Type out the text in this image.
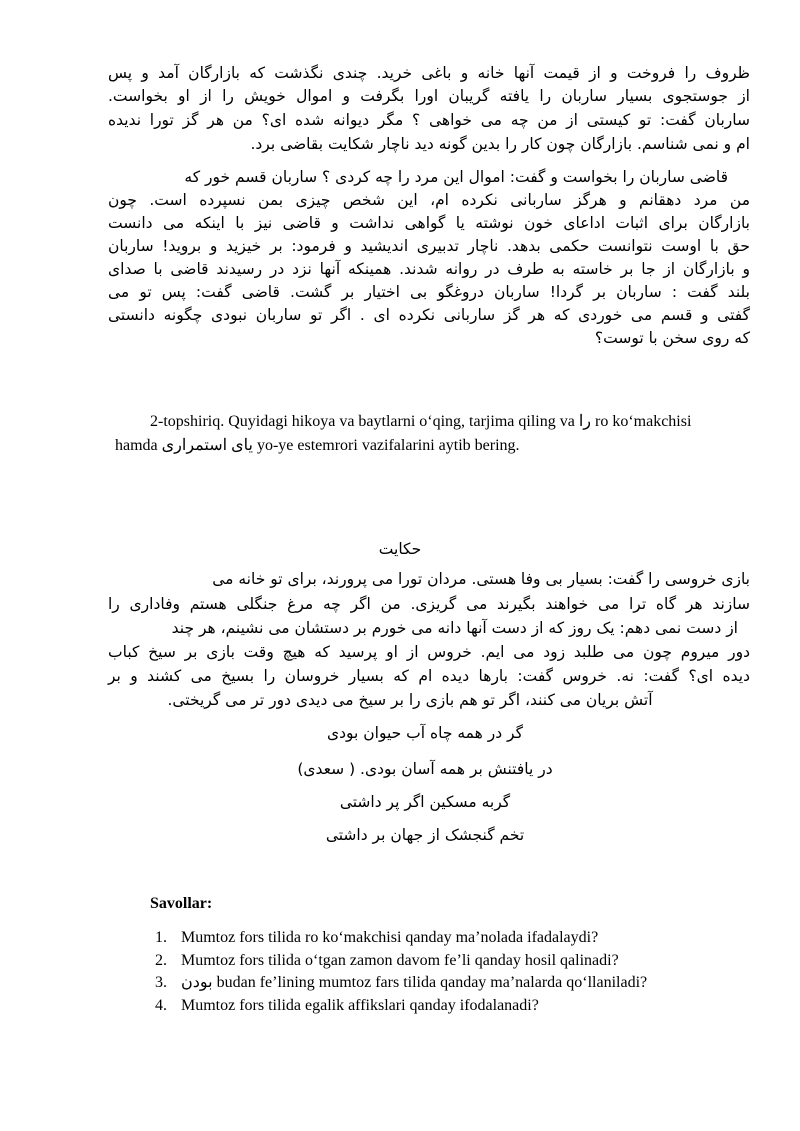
ظروف را فروخت و از قیمت آنها خانه و باغی خرید. چندی نگذشت که بازارگان آمد و پس
از جوستجوی بسیار ساربان را یافته گریبان اورا بگرفت و اموال خویش را از او بخواست.
ساربان گفت: تو کیستی از من چه می خواهی ؟ مگر دیوانه شده ای؟ من هر گز تورا ندیده
ام و نمی شناسم. بازارگان چون کار را بدین گونه دید ناچار شکایت بقاضی برد.
قاضی ساربان را بخواست و گفت: اموال این مرد را چه کردی ؟ ساربان قسم خور که
من مرد دهقانم و هرگز ساربانی نکرده ام، این شخص چیزی بمن نسپرده است. چون
بازارگان برای اثبات اداعای خون نوشته یا گواهی نداشت و قاضی نیز با اینکه می دانست
حق با اوست نتوانست حکمی بدهد. ناچار تدبیری اندیشید و فرمود: بر خیزید و بروید! ساربان
و بازارگان از جا بر خاسته به طرف در روانه شدند. همینکه آنها نزد در رسیدند قاضی با صدای
بلند گفت : ساربان بر گردا! ساربان دروغگو بی اختیار بر گشت. قاضی گفت: پس تو می
گفتی و قسم می خوردی که هر گز ساربانی نکرده ای . اگر تو ساربان نبودی چگونه دانستی
که روی سخن با توست؟
2-topshiriq. Quyidagi hikoya va baytlarni o‘qing, tarjima qiling va را ro ko‘makchisi
hamda یای استمراری yo-ye estemrori vazifalarini aytib bering.
حکایت
بازی خروسی را گفت: بسیار بی وفا هستی. مردان تورا می پرورند، برای تو خانه می
سازند هر گاه ترا می خواهند بگیرند می گریزی. من اگر چه مرغ جنگلی هستم وفاداری را
از دست نمی دهم: یک روز که از دست آنها دانه می خورم بر دستشان می نشینم، هر چند
دور میروم چون می طلبد زود می ایم. خروس از او پرسید که هیچ وقت بازی بر سیخ کباب
دیده ای؟ گفت: نه. خروس گفت: بارها دیده ام که بسیار خروسان را بسیخ می کشند و بر
آتش بریان می کنند، اگر تو هم بازی را بر سیخ می دیدی دور تر می گریختی.
گر در همه چاه آب حیوان بودی
در یافتنش بر همه آسان بودی. ( سعدی)
گربه مسکین اگر پر داشتی
تخم گنجشک از جهان بر داشتی
Savollar:
1. Mumtoz fors tilida ro ko‘makchisi qanday ma’nolada ifadalaydi?
2. Mumtoz fors tilida o‘tgan zamon davom fe’li qanday hosil qalinadi?
3. بودن budan fe’lining mumtoz fars tilida qanday ma’nalarda qo‘llaniladi?
4. Mumtoz fors tilida egalik affikslari qanday ifodalanadi?
